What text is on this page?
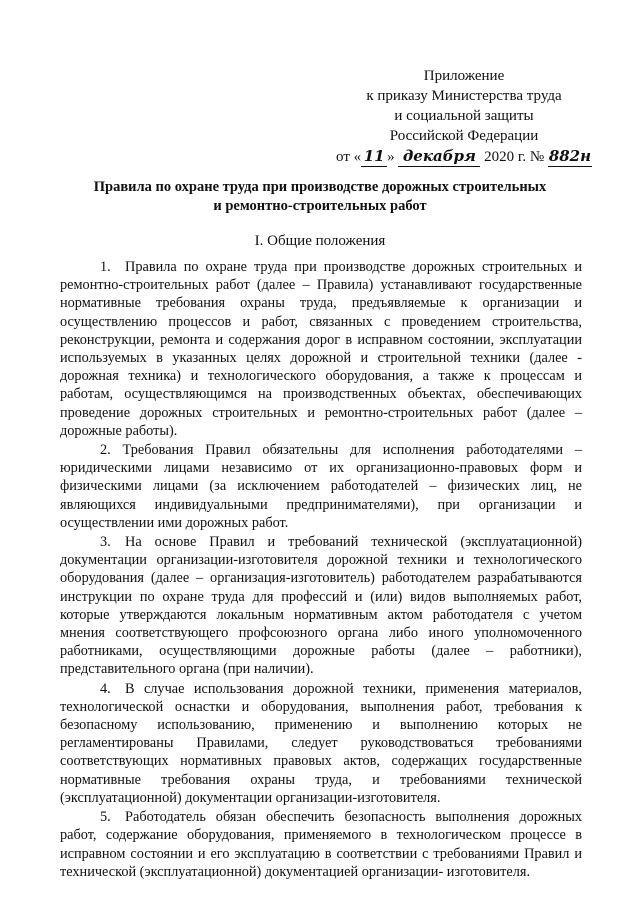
Приложение
к приказу Министерства труда
и социальной защиты
Российской Федерации
от « 11 » декабря 2020 г. № 882н
Правила по охране труда при производстве дорожных строительных
и ремонтно-строительных работ
I. Общие положения

1. Правила по охране труда при производстве дорожных строительных и ремонтно-строительных работ (далее – Правила) устанавливают государственные нормативные требования охраны труда, предъявляемые к организации и осуществлению процессов и работ, связанных с проведением строительства, реконструкции, ремонта и содержания дорог в исправном состоянии, эксплуатации используемых в указанных целях дорожной и строительной техники (далее - дорожная техника) и технологического оборудования, а также к процессам и работам, осуществляющимся на производственных объектах, обеспечивающих проведение дорожных строительных и ремонтно-строительных работ (далее – дорожные работы).

2. Требования Правил обязательны для исполнения работодателями – юридическими лицами независимо от их организационно-правовых форм и физическими лицами (за исключением работодателей – физических лиц, не являющихся индивидуальными предпринимателями), при организации и осуществлении ими дорожных работ.

3. На основе Правил и требований технической (эксплуатационной) документации организации-изготовителя дорожной техники и технологического оборудования (далее – организация-изготовитель) работодателем разрабатываются инструкции по охране труда для профессий и (или) видов выполняемых работ, которые утверждаются локальным нормативным актом работодателя с учетом мнения соответствующего профсоюзного органа либо иного уполномоченного работниками, осуществляющими дорожные работы (далее – работники), представительного органа (при наличии).

4. В случае использования дорожной техники, применения материалов, технологической оснастки и оборудования, выполнения работ, требования к безопасному использованию, применению и выполнению которых не регламентированы Правилами, следует руководствоваться требованиями соответствующих нормативных правовых актов, содержащих государственные нормативные требования охраны труда, и требованиями технической (эксплуатационной) документации организации-изготовителя.

5. Работодатель обязан обеспечить безопасность выполнения дорожных работ, содержание оборудования, применяемого в технологическом процессе в исправном состоянии и его эксплуатацию в соответствии с требованиями Правил и технической (эксплуатационной) документацией организации- изготовителя.
